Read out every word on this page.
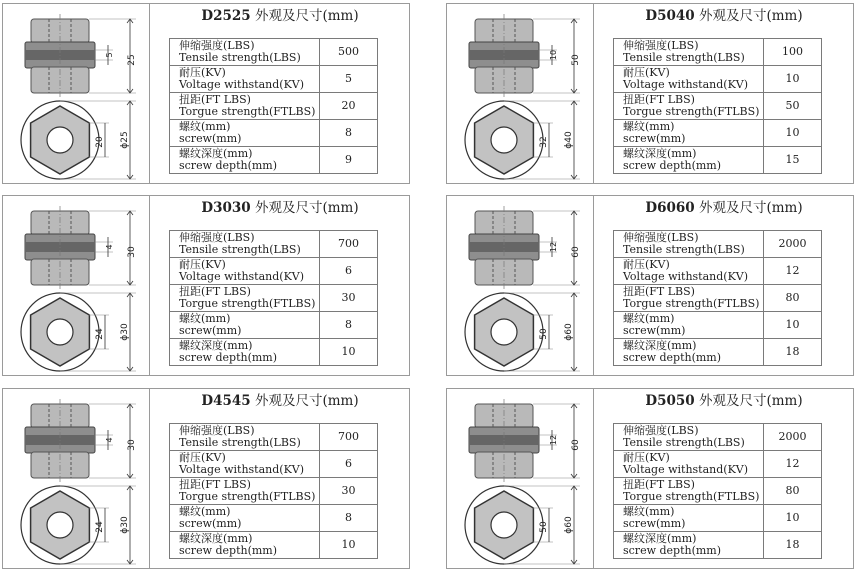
25
5
20 ϕ25
D2525 外观及尺寸(mm)
伸缩强度(LBS)
Tensile strength(LBS)	500

耐压(KV)
Voltage withstand(KV)	5

扭距(FT LBS)
Torgue strength(FTLBS)	20

螺纹(mm)
screw(mm)	8

螺纹深度(mm)
screw depth(mm)	9
50
10
32 ϕ40
D5040 外观及尺寸(mm)
伸缩强度(LBS)
Tensile strength(LBS)	100

耐压(KV)
Voltage withstand(KV)	10

扭距(FT LBS)
Torgue strength(FTLBS)	50

螺纹(mm)
screw(mm)	10

螺纹深度(mm)
screw depth(mm)	15
30
4
24 ϕ30
D3030 外观及尺寸(mm)
伸缩强度(LBS)
Tensile strength(LBS)	700

耐压(KV)
Voltage withstand(KV)	6

扭距(FT LBS)
Torgue strength(FTLBS)	30

螺纹(mm)
screw(mm)	8

螺纹深度(mm)
screw depth(mm)	10
60
12
50 ϕ60
D6060 外观及尺寸(mm)
伸缩强度(LBS)
Tensile strength(LBS)	2000

耐压(KV)
Voltage withstand(KV)	12

扭距(FT LBS)
Torgue strength(FTLBS)	80

螺纹(mm)
screw(mm)	10

螺纹深度(mm)
screw depth(mm)	18
30
4
24 ϕ30
D4545 外观及尺寸(mm)
伸缩强度(LBS)
Tensile strength(LBS)	700

耐压(KV)
Voltage withstand(KV)	6

扭距(FT LBS)
Torgue strength(FTLBS)	30

螺纹(mm)
screw(mm)	8

螺纹深度(mm)
screw depth(mm)	10
60
12
50 ϕ60
D5050 外观及尺寸(mm)
伸缩强度(LBS)
Tensile strength(LBS)	2000

耐压(KV)
Voltage withstand(KV)	12

扭距(FT LBS)
Torgue strength(FTLBS)	80

螺纹(mm)
screw(mm)	10

螺纹深度(mm)
screw depth(mm)	18
